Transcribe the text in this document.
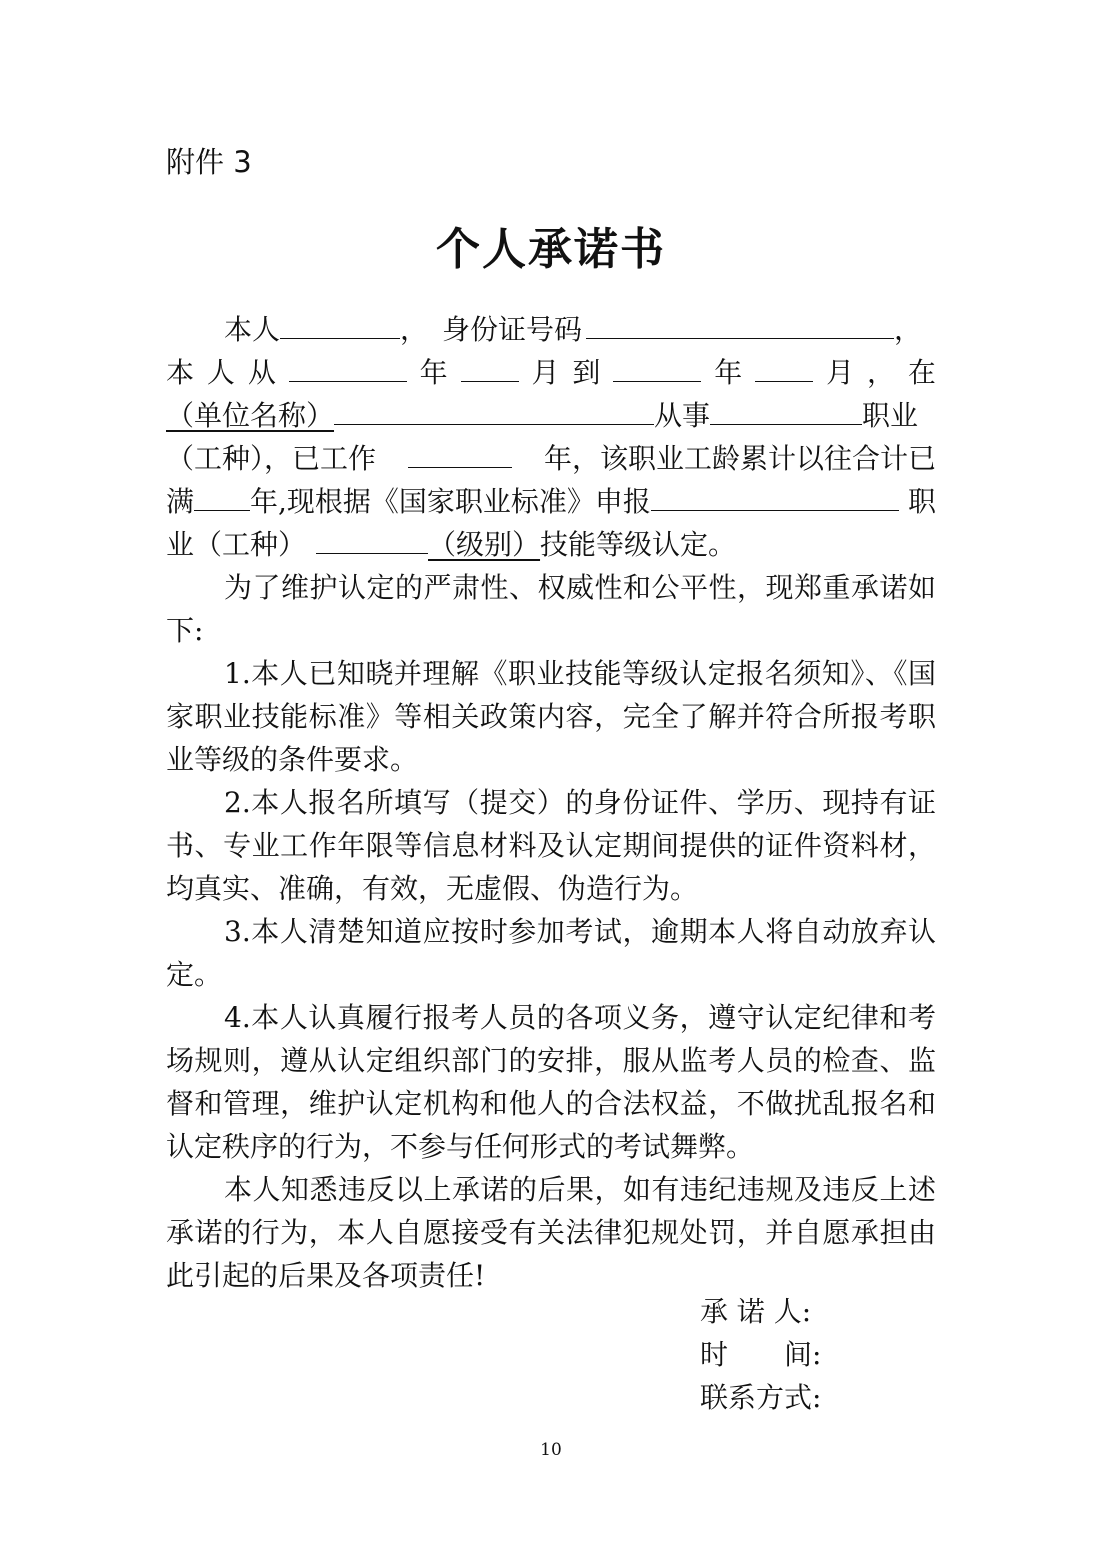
附件 3
个人承诺书
本人	， 身份证号码	，
本 人 从	年	月 到	年	月 ， 在
（单位名称）	从事	职业
（工种），已工作	年，该职业工龄累计以往合计已
满 年,现根据《国家职业标准》申报	职
业（工种）	（级别） 技能等级认定。

为了维护认定的严肃性、权威性和公平性，现郑重承诺如下:

1.本人已知晓并理解《职业技能等级认定报名须知》、《国家职业技能标准》等相关政策内容，完全了解并符合所报考职业等级的条件要求。

2.本人报名所填写（提交）的身份证件、学历、现持有证书、专业工作年限等信息材料及认定期间提供的证件资料材，均真实、准确，有效，无虚假、伪造行为。

3.本人清楚知道应按时参加考试，逾期本人将自动放弃认定。

4.本人认真履行报考人员的各项义务，遵守认定纪律和考场规则，遵从认定组织部门的安排，服从监考人员的检查、监督和管理，维护认定机构和他人的合法权益，不做扰乱报名和认定秩序的行为，不参与任何形式的考试舞弊。

本人知悉违反以上承诺的后果，如有违纪违规及违反上述承诺的行为，本人自愿接受有关法律犯规处罚，并自愿承担由此引起的后果及各项责任!

承 诺 人:
时　　间:
联系方式:
10
